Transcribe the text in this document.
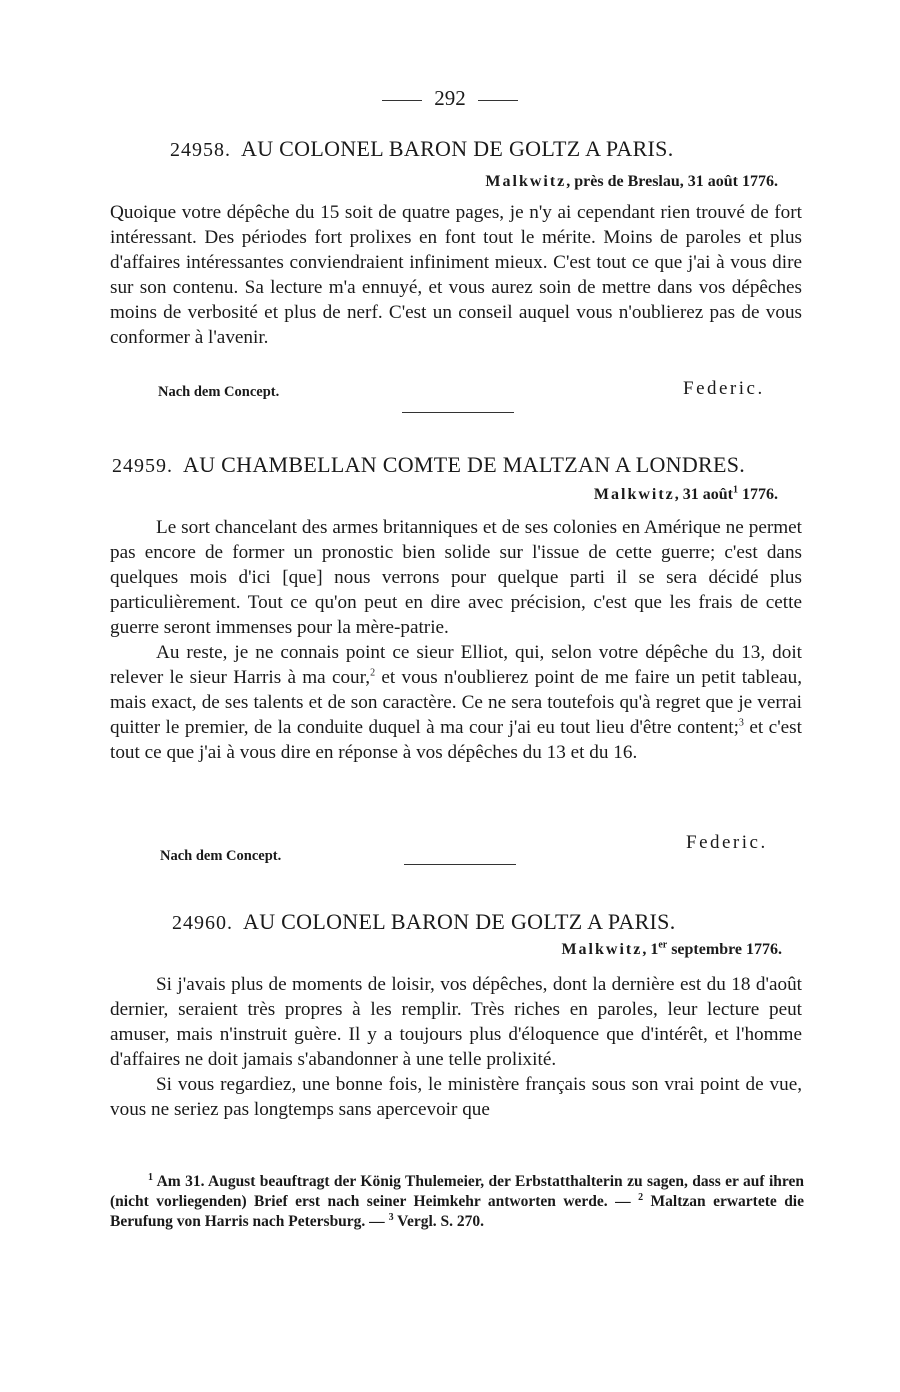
292
24958. AU COLONEL BARON DE GOLTZ A PARIS.
Malkwitz, près de Breslau, 31 août 1776.

Quoique votre dépêche du 15 soit de quatre pages, je n'y ai cependant rien trouvé de fort intéressant. Des périodes fort prolixes en font tout le mérite. Moins de paroles et plus d'affaires intéressantes conviendraient infiniment mieux. C'est tout ce que j'ai à vous dire sur son contenu. Sa lecture m'a ennuyé, et vous aurez soin de mettre dans vos dépêches moins de verbosité et plus de nerf. C'est un conseil auquel vous n'oublierez pas de vous conformer à l'avenir.

Nach dem Concept.	Federic.
24959. AU CHAMBELLAN COMTE DE MALTZAN A LONDRES.
Malkwitz, 31 août$^1$ 1776.

Le sort chancelant des armes britanniques et de ses colonies en Amérique ne permet pas encore de former un pronostic bien solide sur l'issue de cette guerre; c'est dans quelques mois d'ici [que] nous verrons pour quelque parti il se sera décidé plus particulièrement. Tout ce qu'on peut en dire avec précision, c'est que les frais de cette guerre seront immenses pour la mère-patrie.

Au reste, je ne connais point ce sieur Elliot, qui, selon votre dépêche du 13, doit relever le sieur Harris à ma cour,$^2$ et vous n'oublierez point de me faire un petit tableau, mais exact, de ses talents et de son caractère. Ce ne sera toutefois qu'à regret que je verrai quitter le premier, de la conduite duquel à ma cour j'ai eu tout lieu d'être content;$^3$ et c'est tout ce que j'ai à vous dire en réponse à vos dépêches du 13 et du 16.

Nach dem Concept.
Federic.
24960. AU COLONEL BARON DE GOLTZ A PARIS.
Malkwitz, 1er septembre 1776.

Si j'avais plus de moments de loisir, vos dépêches, dont la dernière est du 18 d'août dernier, seraient très propres à les remplir. Très riches en paroles, leur lecture peut amuser, mais n'instruit guère. Il y a toujours plus d'éloquence que d'intérêt, et l'homme d'affaires ne doit jamais s'abandonner à une telle prolixité.

Si vous regardiez, une bonne fois, le ministère français sous son vrai point de vue, vous ne seriez pas longtemps sans apercevoir que

$^1$ Am 31. August beauftragt der König Thulemeier, der Erbstatthalterin zu sagen, dass er auf ihren (nicht vorliegenden) Brief erst nach seiner Heimkehr antworten werde. — $^2$ Maltzan erwartete die Berufung von Harris nach Petersburg. — $^3$ Vergl. S. 270.
